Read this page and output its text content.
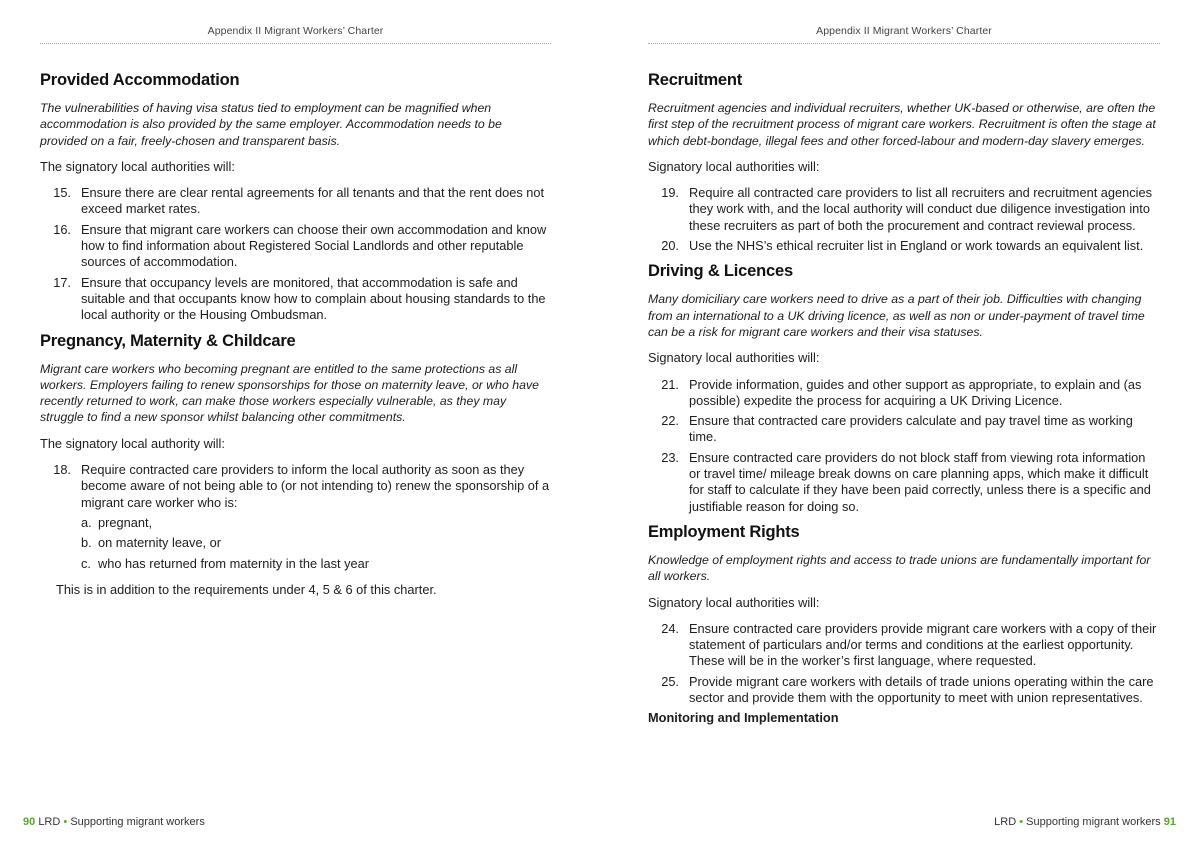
Appendix II Migrant Workers’ Charter
Provided Accommodation

The vulnerabilities of having visa status tied to employment can be magnified when accommodation is also provided by the same employer. Accommodation needs to be provided on a fair, freely-chosen and transparent basis.

The signatory local authorities will:

15. Ensure there are clear rental agreements for all tenants and that the rent does not exceed market rates.
16. Ensure that migrant care workers can choose their own accommodation and know how to find information about Registered Social Landlords and other reputable sources of accommodation.
17. Ensure that occupancy levels are monitored, that accommodation is safe and suitable and that occupants know how to complain about housing standards to the local authority or the Housing Ombudsman.
Pregnancy, Maternity & Childcare

Migrant care workers who becoming pregnant are entitled to the same protections as all workers. Employers failing to renew sponsorships for those on maternity leave, or who have recently returned to work, can make those workers especially vulnerable, as they may struggle to find a new sponsor whilst balancing other commitments.

The signatory local authority will:

18. Require contracted care providers to inform the local authority as soon as they become aware of not being able to (or not intending to) renew the sponsorship of a migrant care worker who is:
a. pregnant,
b. on maternity leave, or
c. who has returned from maternity in the last year

This is in addition to the requirements under 4, 5 & 6 of this charter.

90 LRD • Supporting migrant workers
Appendix II Migrant Workers’ Charter
Recruitment

Recruitment agencies and individual recruiters, whether UK-based or otherwise, are often the first step of the recruitment process of migrant care workers. Recruitment is often the stage at which debt-bondage, illegal fees and other forced-labour and modern-day slavery emerges.

Signatory local authorities will:

19. Require all contracted care providers to list all recruiters and recruitment agencies they work with, and the local authority will conduct due diligence investigation into these recruiters as part of both the procurement and contract reviewal process.
20. Use the NHS’s ethical recruiter list in England or work towards an equivalent list.
Driving & Licences

Many domiciliary care workers need to drive as a part of their job. Difficulties with changing from an international to a UK driving licence, as well as non or under-payment of travel time can be a risk for migrant care workers and their visa statuses.

Signatory local authorities will:

21. Provide information, guides and other support as appropriate, to explain and (as possible) expedite the process for acquiring a UK Driving Licence.
22. Ensure that contracted care providers calculate and pay travel time as working time.
23. Ensure contracted care providers do not block staff from viewing rota information or travel time/ mileage break downs on care planning apps, which make it difficult for staff to calculate if they have been paid correctly, unless there is a specific and justifiable reason for doing so.
Employment Rights

Knowledge of employment rights and access to trade unions are fundamentally important for all workers.

Signatory local authorities will:

24. Ensure contracted care providers provide migrant care workers with a copy of their statement of particulars and/or terms and conditions at the earliest opportunity. These will be in the worker’s first language, where requested.
25. Provide migrant care workers with details of trade unions operating within the care sector and provide them with the opportunity to meet with union representatives.

Monitoring and Implementation

LRD • Supporting migrant workers 91
